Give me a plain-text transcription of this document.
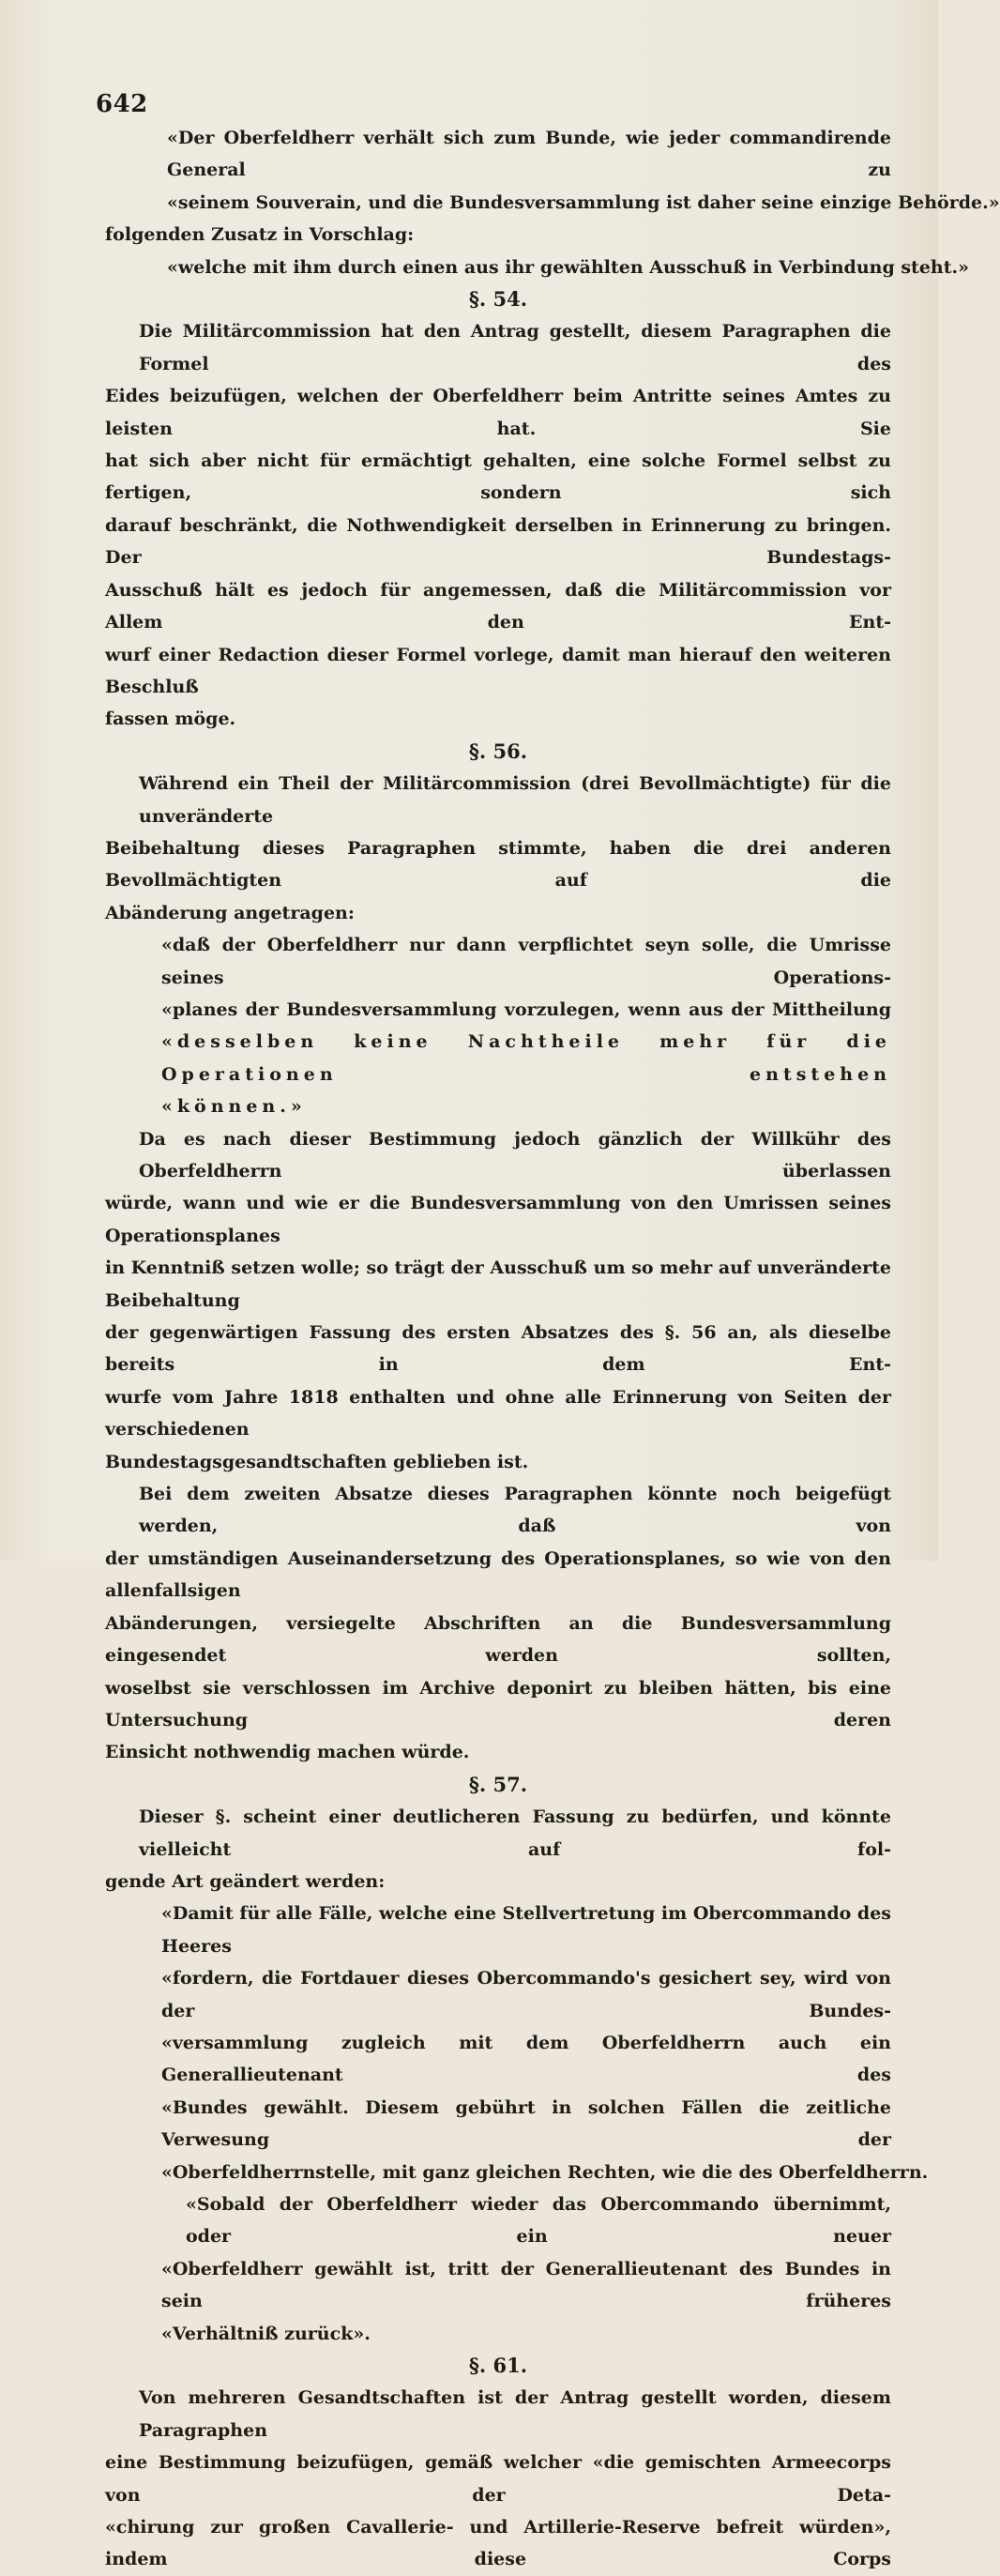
642
«Der Oberfeldherr verhält sich zum Bunde, wie jeder commandirende General zu
«seinem Souverain, und die Bundesversammlung ist daher seine einzige Behörde.»
folgenden Zusatz in Vorschlag:
«welche mit ihm durch einen aus ihr gewählten Ausschuß in Verbindung steht.»
§. 54.
Die Militärcommission hat den Antrag gestellt, diesem Paragraphen die Formel des
Eides beizufügen, welchen der Oberfeldherr beim Antritte seines Amtes zu leisten hat. Sie
hat sich aber nicht für ermächtigt gehalten, eine solche Formel selbst zu fertigen, sondern sich
darauf beschränkt, die Nothwendigkeit derselben in Erinnerung zu bringen. Der Bundestags-
Ausschuß hält es jedoch für angemessen, daß die Militärcommission vor Allem den Ent-
wurf einer Redaction dieser Formel vorlege, damit man hierauf den weiteren Beschluß
fassen möge.
§. 56.
Während ein Theil der Militärcommission (drei Bevollmächtigte) für die unveränderte
Beibehaltung dieses Paragraphen stimmte, haben die drei anderen Bevollmächtigten auf die
Abänderung angetragen:
«daß der Oberfeldherr nur dann verpflichtet seyn solle, die Umrisse seines Operations-
«planes der Bundesversammlung vorzulegen, wenn aus der Mittheilung
«desselben keine Nachtheile mehr für die Operationen entstehen
«können.»
Da es nach dieser Bestimmung jedoch gänzlich der Willkühr des Oberfeldherrn überlassen
würde, wann und wie er die Bundesversammlung von den Umrissen seines Operationsplanes
in Kenntniß setzen wolle; so trägt der Ausschuß um so mehr auf unveränderte Beibehaltung
der gegenwärtigen Fassung des ersten Absatzes des §. 56 an, als dieselbe bereits in dem Ent-
wurfe vom Jahre 1818 enthalten und ohne alle Erinnerung von Seiten der verschiedenen
Bundestagsgesandtschaften geblieben ist.
Bei dem zweiten Absatze dieses Paragraphen könnte noch beigefügt werden, daß von
der umständigen Auseinandersetzung des Operationsplanes, so wie von den allenfallsigen
Abänderungen, versiegelte Abschriften an die Bundesversammlung eingesendet werden sollten,
woselbst sie verschlossen im Archive deponirt zu bleiben hätten, bis eine Untersuchung deren
Einsicht nothwendig machen würde.
§. 57.
Dieser §. scheint einer deutlicheren Fassung zu bedürfen, und könnte vielleicht auf fol-
gende Art geändert werden:
«Damit für alle Fälle, welche eine Stellvertretung im Obercommando des Heeres
«fordern, die Fortdauer dieses Obercommando's gesichert sey, wird von der Bundes-
«versammlung zugleich mit dem Oberfeldherrn auch ein Generallieutenant des
«Bundes gewählt. Diesem gebührt in solchen Fällen die zeitliche Verwesung der
«Oberfeldherrnstelle, mit ganz gleichen Rechten, wie die des Oberfeldherrn.
«Sobald der Oberfeldherr wieder das Obercommando übernimmt, oder ein neuer
«Oberfeldherr gewählt ist, tritt der Generallieutenant des Bundes in sein früheres
«Verhältniß zurück».
§. 61.
Von mehreren Gesandtschaften ist der Antrag gestellt worden, diesem Paragraphen
eine Bestimmung beizufügen, gemäß welcher «die gemischten Armeecorps von der Deta-
«chirung zur großen Cavallerie- und Artillerie-Reserve befreit würden», indem diese Corps
